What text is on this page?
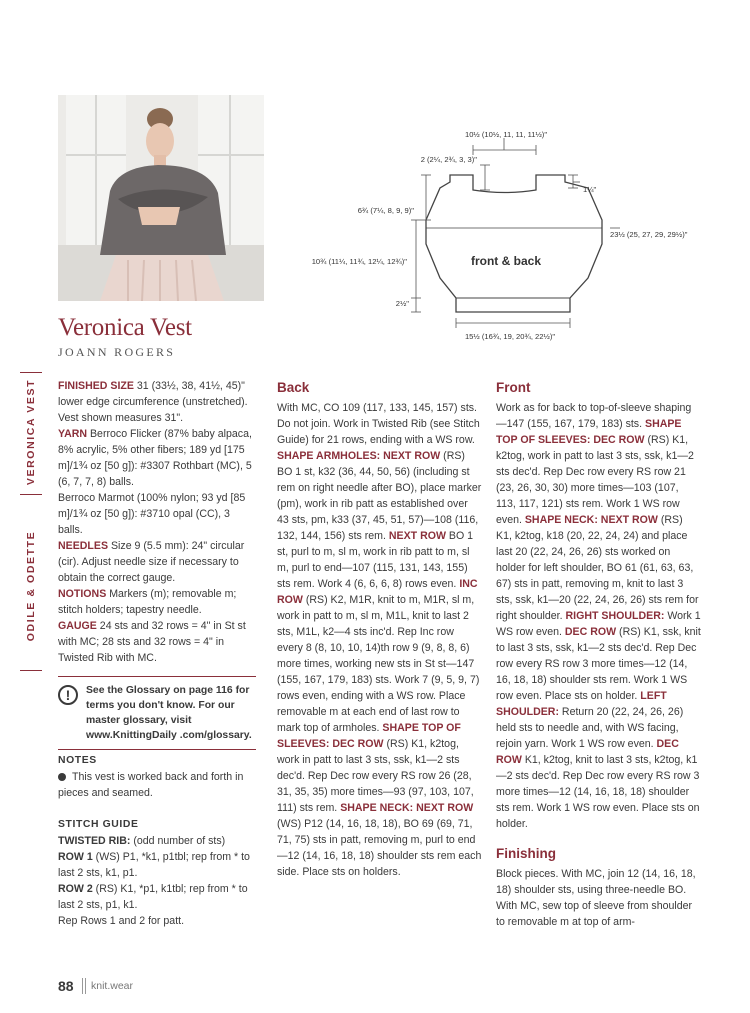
Veronica Vest
JOANN ROGERS
VERONICA VEST
ODILE & ODETTE
10½ (10½, 11, 11, 11½)"
2 (2¼, 2¾, 3, 3)"
1¼"
6¾ (7¼, 8, 9, 9)"
23½ (25, 27, 29, 29½)"
10¾ (11¼, 11¾, 12¼, 12¾)"	front & back
2½"
15½ (16¾, 19, 20¾, 22½)"

FINISHED SIZE 31 (33½, 38, 41½, 45)" lower edge circumference (unstretched). Vest shown measures 31".

YARN Berroco Flicker (87% baby alpaca, 8% acrylic, 5% other fibers; 189 yd [175 m]/1¾ oz [50 g]): #3307 Rothbart (MC), 5 (6, 7, 7, 8) balls.

Berroco Marmot (100% nylon; 93 yd [85 m]/1¾ oz [50 g]): #3710 opal (CC), 3 balls.

NEEDLES Size 9 (5.5 mm): 24" circular (cir). Adjust needle size if necessary to obtain the correct gauge.

NOTIONS Markers (m); removable m; stitch holders; tapestry needle.

GAUGE 24 sts and 32 rows = 4" in St st with MC; 28 sts and 32 rows = 4" in Twisted Rib with MC.

!	See the Glossary on page 116 for terms you don't know. For our master glossary, visit www.KnittingDaily .com/glossary.

NOTES

This vest is worked back and forth in pieces and seamed.

STITCH GUIDE

TWISTED RIB: (odd number of sts)

ROW 1 (WS) P1, *k1, p1tbl; rep from * to last 2 sts, k1, p1.

ROW 2 (RS) K1, *p1, k1tbl; rep from * to last 2 sts, p1, k1.

Rep Rows 1 and 2 for patt.

Back

With MC, CO 109 (117, 133, 145, 157) sts. Do not join. Work in Twisted Rib (see Stitch Guide) for 21 rows, ending with a WS row. SHAPE ARMHOLES: NEXT ROW (RS) BO 1 st, k32 (36, 44, 50, 56) (including st rem on right needle after BO), place marker (pm), work in rib patt as established over 43 sts, pm, k33 (37, 45, 51, 57)—108 (116, 132, 144, 156) sts rem. NEXT ROW BO 1 st, purl to m, sl m, work in rib patt to m, sl m, purl to end—107 (115, 131, 143, 155) sts rem. Work 4 (6, 6, 6, 8) rows even. INC ROW (RS) K2, M1R, knit to m, M1R, sl m, work in patt to m, sl m, M1L, knit to last 2 sts, M1L, k2—4 sts inc'd. Rep Inc row every 8 (8, 10, 10, 14)th row 9 (9, 8, 8, 6) more times, working new sts in St st—147 (155, 167, 179, 183) sts. Work 7 (9, 5, 9, 7) rows even, ending with a WS row. Place removable m at each end of last row to mark top of armholes. SHAPE TOP OF SLEEVES: DEC ROW (RS) K1, k2tog, work in patt to last 3 sts, ssk, k1—2 sts dec'd. Rep Dec row every RS row 26 (28, 31, 35, 35) more times—93 (97, 103, 107, 111) sts rem. SHAPE NECK: NEXT ROW (WS) P12 (14, 16, 18, 18), BO 69 (69, 71, 71, 75) sts in patt, removing m, purl to end—12 (14, 16, 18, 18) shoulder sts rem each side. Place sts on holders.

Front

Work as for back to top-of-sleeve shaping—147 (155, 167, 179, 183) sts. SHAPE TOP OF SLEEVES: DEC ROW (RS) K1, k2tog, work in patt to last 3 sts, ssk, k1—2 sts dec'd. Rep Dec row every RS row 21 (23, 26, 30, 30) more times—103 (107, 113, 117, 121) sts rem. Work 1 WS row even. SHAPE NECK: NEXT ROW (RS) K1, k2tog, k18 (20, 22, 24, 24) and place last 20 (22, 24, 26, 26) sts worked on holder for left shoulder, BO 61 (61, 63, 63, 67) sts in patt, removing m, knit to last 3 sts, ssk, k1—20 (22, 24, 26, 26) sts rem for right shoulder. RIGHT SHOULDER: Work 1 WS row even. DEC ROW (RS) K1, ssk, knit to last 3 sts, ssk, k1—2 sts dec'd. Rep Dec row every RS row 3 more times—12 (14, 16, 18, 18) shoulder sts rem. Work 1 WS row even. Place sts on holder. LEFT SHOULDER: Return 20 (22, 24, 26, 26) held sts to needle and, with WS facing, rejoin yarn. Work 1 WS row even. DEC ROW K1, k2tog, knit to last 3 sts, k2tog, k1—2 sts dec'd. Rep Dec row every RS row 3 more times—12 (14, 16, 18, 18) shoulder sts rem. Work 1 WS row even. Place sts on holder.

Finishing

Block pieces. With MC, join 12 (14, 16, 18, 18) shoulder sts, using three-needle BO. With MC, sew top of sleeve from shoulder to removable m at top of arm-

88 knit.wear
